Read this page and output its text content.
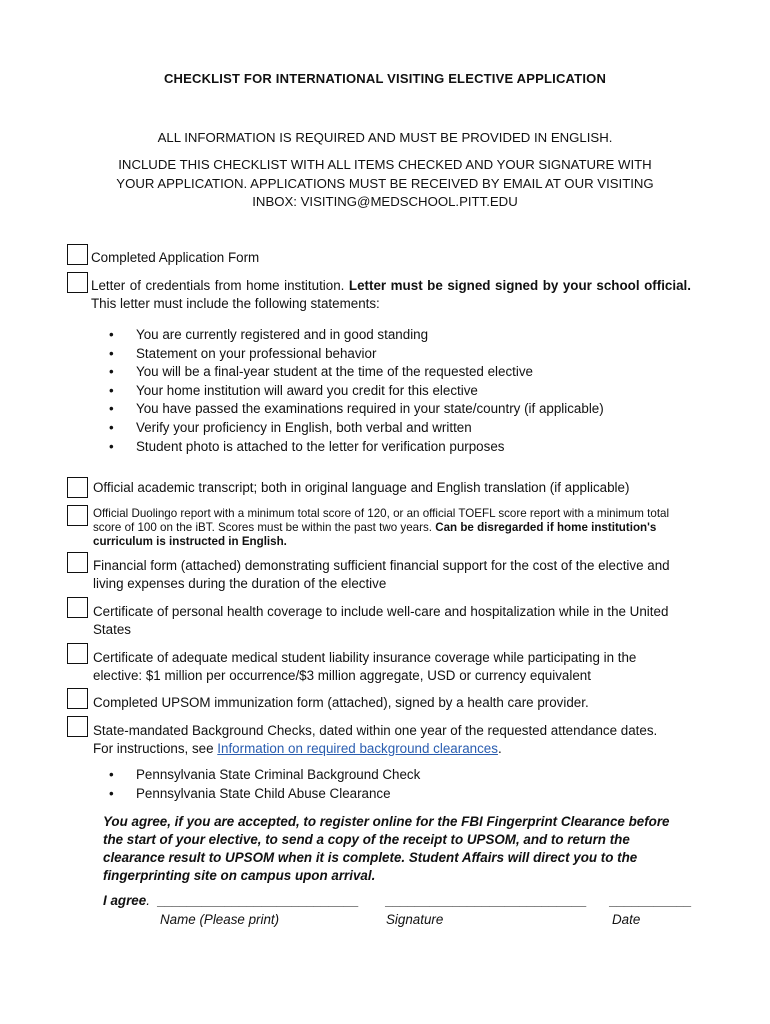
CHECKLIST FOR INTERNATIONAL VISITING ELECTIVE APPLICATION
ALL INFORMATION IS REQUIRED AND MUST BE PROVIDED IN ENGLISH.
INCLUDE THIS CHECKLIST WITH ALL ITEMS CHECKED AND YOUR SIGNATURE WITH
YOUR APPLICATION. APPLICATIONS MUST BE RECEIVED BY EMAIL AT OUR VISITING
INBOX: VISITING@MEDSCHOOL.PITT.EDU
Completed Application Form
Letter of credentials from home institution. Letter must be signed signed by your school official. This letter must include the following statements:
• You are currently registered and in good standing
• Statement on your professional behavior
• You will be a final-year student at the time of the requested elective
• Your home institution will award you credit for this elective
• You have passed the examinations required in your state/country (if applicable)
• Verify your proficiency in English, both verbal and written
• Student photo is attached to the letter for verification purposes
Official academic transcript; both in original language and English translation (if applicable)
Official Duolingo report with a minimum total score of 120, or an official TOEFL score report with a minimum total score of 100 on the iBT. Scores must be within the past two years. Can be disregarded if home institution's curriculum is instructed in English.
Financial form (attached) demonstrating sufficient financial support for the cost of the elective and living expenses during the duration of the elective
Certificate of personal health coverage to include well-care and hospitalization while in the United States
Certificate of adequate medical student liability insurance coverage while participating in the elective: $1 million per occurrence/$3 million aggregate, USD or currency equivalent
Completed UPSOM immunization form (attached), signed by a health care provider.
State-mandated Background Checks, dated within one year of the requested attendance dates.
For instructions, see Information on required background clearances.
• Pennsylvania State Criminal Background Check
• Pennsylvania State Child Abuse Clearance
You agree, if you are accepted, to register online for the FBI Fingerprint Clearance before the start of your elective, to send a copy of the receipt to UPSOM, and to return the clearance result to UPSOM when it is complete. Student Affairs will direct you to the fingerprinting site on campus upon arrival.
I agree. ___________________________ ___________________________ ___________
Name (Please print)	Signature	Date
